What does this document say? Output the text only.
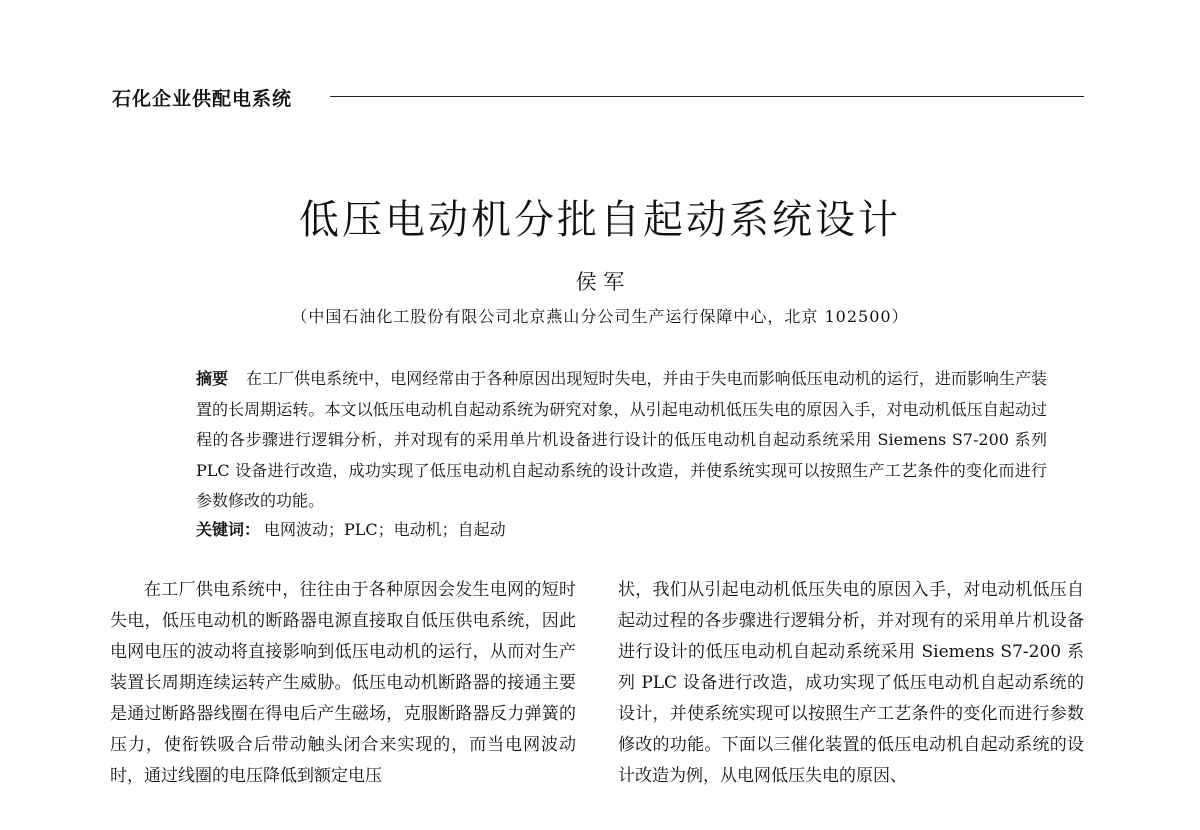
石化企业供配电系统
低压电动机分批自起动系统设计
侯 军
（中国石油化工股份有限公司北京燕山分公司生产运行保障中心，北京 102500）
摘要 在工厂供电系统中，电网经常由于各种原因出现短时失电，并由于失电而影响低压电动机的运行，进而影响生产装置的长周期运转。本文以低压电动机自起动系统为研究对象，从引起电动机低压失电的原因入手，对电动机低压自起动过程的各步骤进行逻辑分析，并对现有的采用单片机设备进行设计的低压电动机自起动系统采用 Siemens S7-200 系列 PLC 设备进行改造，成功实现了低压电动机自起动系统的设计改造，并使系统实现可以按照生产工艺条件的变化而进行参数修改的功能。
关键词： 电网波动；PLC；电动机；自起动
在工厂供电系统中，往往由于各种原因会发生电网的短时失电，低压电动机的断路器电源直接取自低压供电系统，因此电网电压的波动将直接影响到低压电动机的运行，从而对生产装置长周期连续运转产生威胁。低压电动机断路器的接通主要是通过断路器线圈在得电后产生磁场，克服断路器反力弹簧的压力，使衔铁吸合后带动触头闭合来实现的，而当电网波动时，通过线圈的电压降低到额定电压
状，我们从引起电动机低压失电的原因入手，对电动机低压自起动过程的各步骤进行逻辑分析，并对现有的采用单片机设备进行设计的低压电动机自起动系统采用 Siemens S7-200 系列 PLC 设备进行改造，成功实现了低压电动机自起动系统的设计，并使系统实现可以按照生产工艺条件的变化而进行参数修改的功能。下面以三催化装置的低压电动机自起动系统的设计改造为例，从电网低压失电的原因、
